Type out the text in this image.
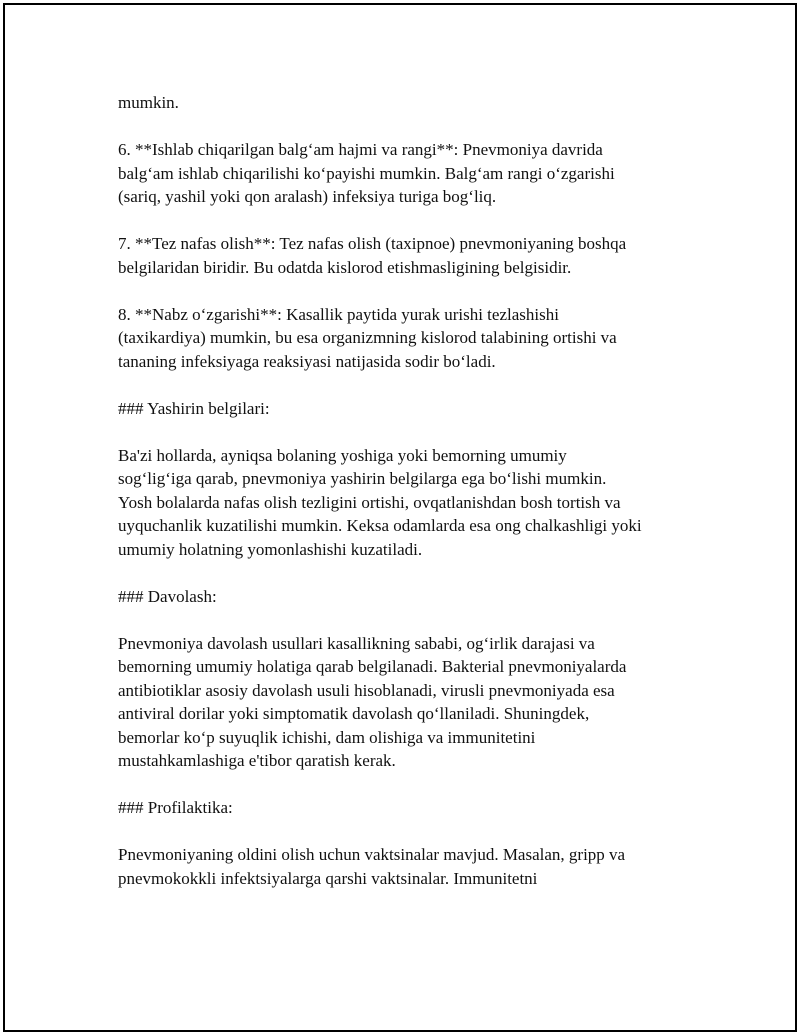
mumkin.
6. **Ishlab chiqarilgan balg‘am hajmi va rangi**: Pnevmoniya davrida
balg‘am ishlab chiqarilishi ko‘payishi mumkin. Balg‘am rangi o‘zgarishi
(sariq, yashil yoki qon aralash) infeksiya turiga bog‘liq.
7. **Tez nafas olish**: Tez nafas olish (taxipnoe) pnevmoniyaning boshqa
belgilaridan biridir. Bu odatda kislorod etishmasligining belgisidir.
8. **Nabz o‘zgarishi**: Kasallik paytida yurak urishi tezlashishi
(taxikardiya) mumkin, bu esa organizmning kislorod talabining ortishi va
tananing infeksiyaga reaksiyasi natijasida sodir bo‘ladi.
### Yashirin belgilari:
Ba'zi hollarda, ayniqsa bolaning yoshiga yoki bemorning umumiy
sog‘lig‘iga qarab, pnevmoniya yashirin belgilarga ega bo‘lishi mumkin.
Yosh bolalarda nafas olish tezligini ortishi, ovqatlanishdan bosh tortish va
uyquchanlik kuzatilishi mumkin. Keksa odamlarda esa ong chalkashligi yoki
umumiy holatning yomonlashishi kuzatiladi.
### Davolash:
Pnevmoniya davolash usullari kasallikning sababi, og‘irlik darajasi va
bemorning umumiy holatiga qarab belgilanadi. Bakterial pnevmoniyalarda
antibiotiklar asosiy davolash usuli hisoblanadi, virusli pnevmoniyada esa
antiviral dorilar yoki simptomatik davolash qo‘llaniladi. Shuningdek,
bemorlar ko‘p suyuqlik ichishi, dam olishiga va immunitetini
mustahkamlashiga e'tibor qaratish kerak.
### Profilaktika:
Pnevmoniyaning oldini olish uchun vaktsinalar mavjud. Masalan, gripp va
pnevmokokkli infektsiyalarga qarshi vaktsinalar. Immunitetni
